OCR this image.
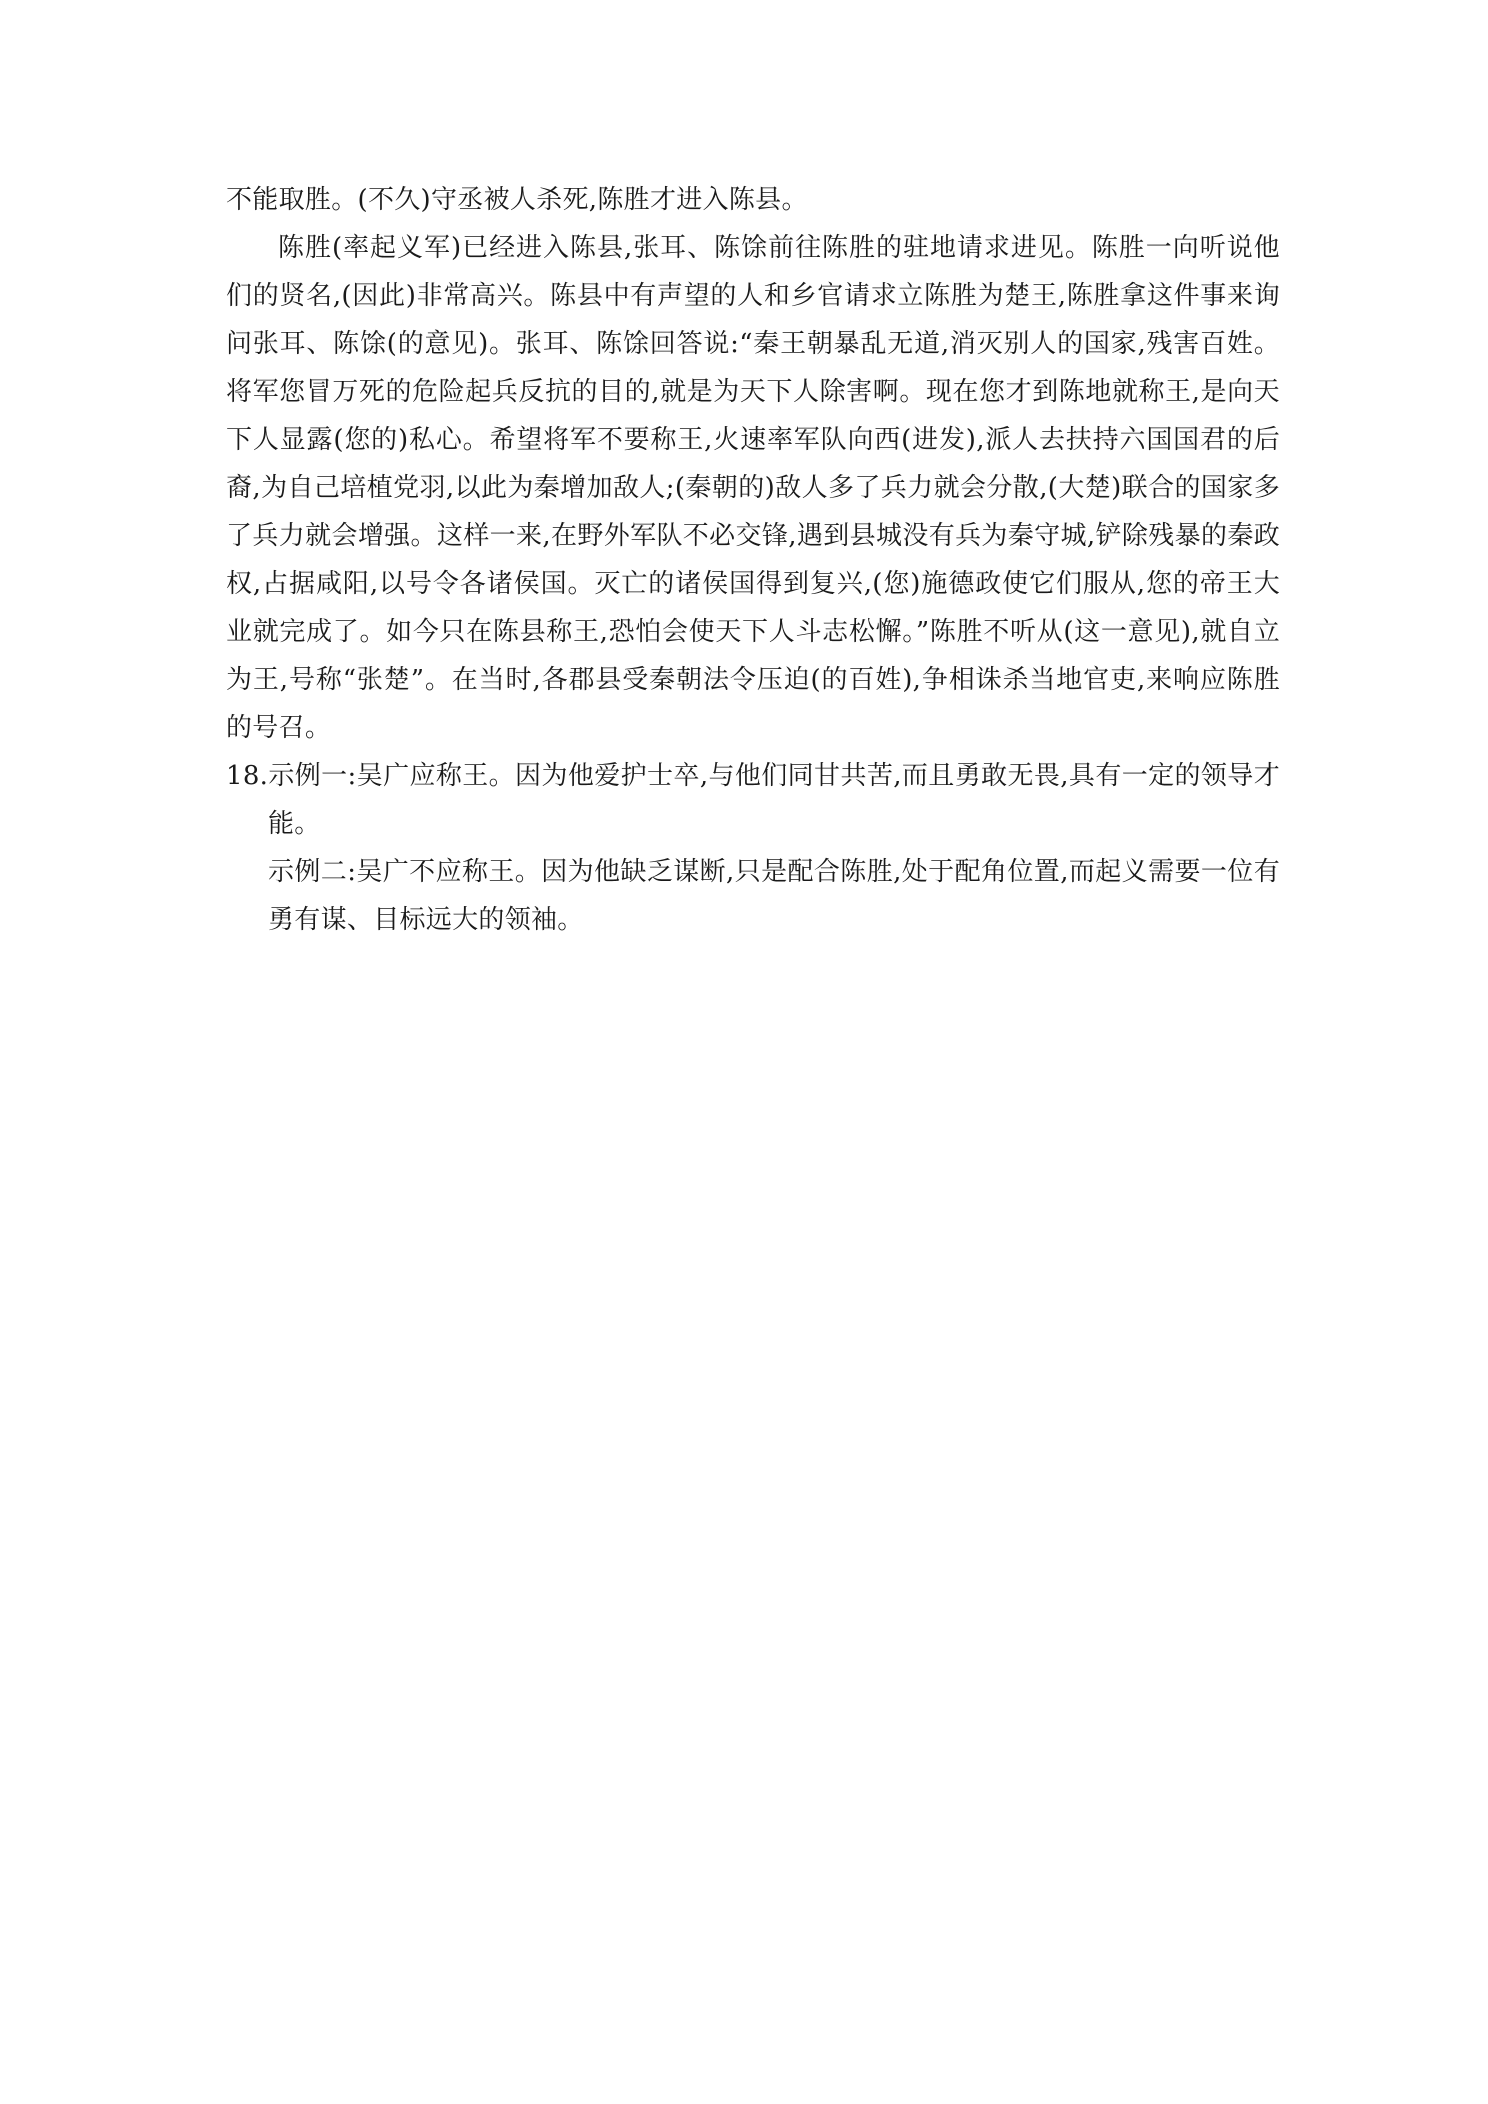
不能取胜。(不久)守丞被人杀死,陈胜才进入陈县。

陈胜(率起义军)已经进入陈县,张耳、陈馀前往陈胜的驻地请求进见。陈胜一向听说他们的贤名,(因此)非常高兴。陈县中有声望的人和乡官请求立陈胜为楚王,陈胜拿这件事来询问张耳、陈馀(的意见)。张耳、陈馀回答说:“秦王朝暴乱无道,消灭别人的国家,残害百姓。将军您冒万死的危险起兵反抗的目的,就是为天下人除害啊。现在您才到陈地就称王,是向天下人显露(您的)私心。希望将军不要称王,火速率军队向西(进发),派人去扶持六国国君的后裔,为自己培植党羽,以此为秦增加敌人;(秦朝的)敌人多了兵力就会分散,(大楚)联合的国家多了兵力就会增强。这样一来,在野外军队不必交锋,遇到县城没有兵为秦守城,铲除残暴的秦政权,占据咸阳,以号令各诸侯国。灭亡的诸侯国得到复兴,(您)施德政使它们服从,您的帝王大业就完成了。如今只在陈县称王,恐怕会使天下人斗志松懈。”陈胜不听从(这一意见),就自立为王,号称“张楚”。在当时,各郡县受秦朝法令压迫(的百姓),争相诛杀当地官吏,来响应陈胜的号召。

18.示例一:吴广应称王。因为他爱护士卒,与他们同甘共苦,而且勇敢无畏,具有一定的领导才能。

示例二:吴广不应称王。因为他缺乏谋断,只是配合陈胜,处于配角位置,而起义需要一位有勇有谋、目标远大的领袖。
